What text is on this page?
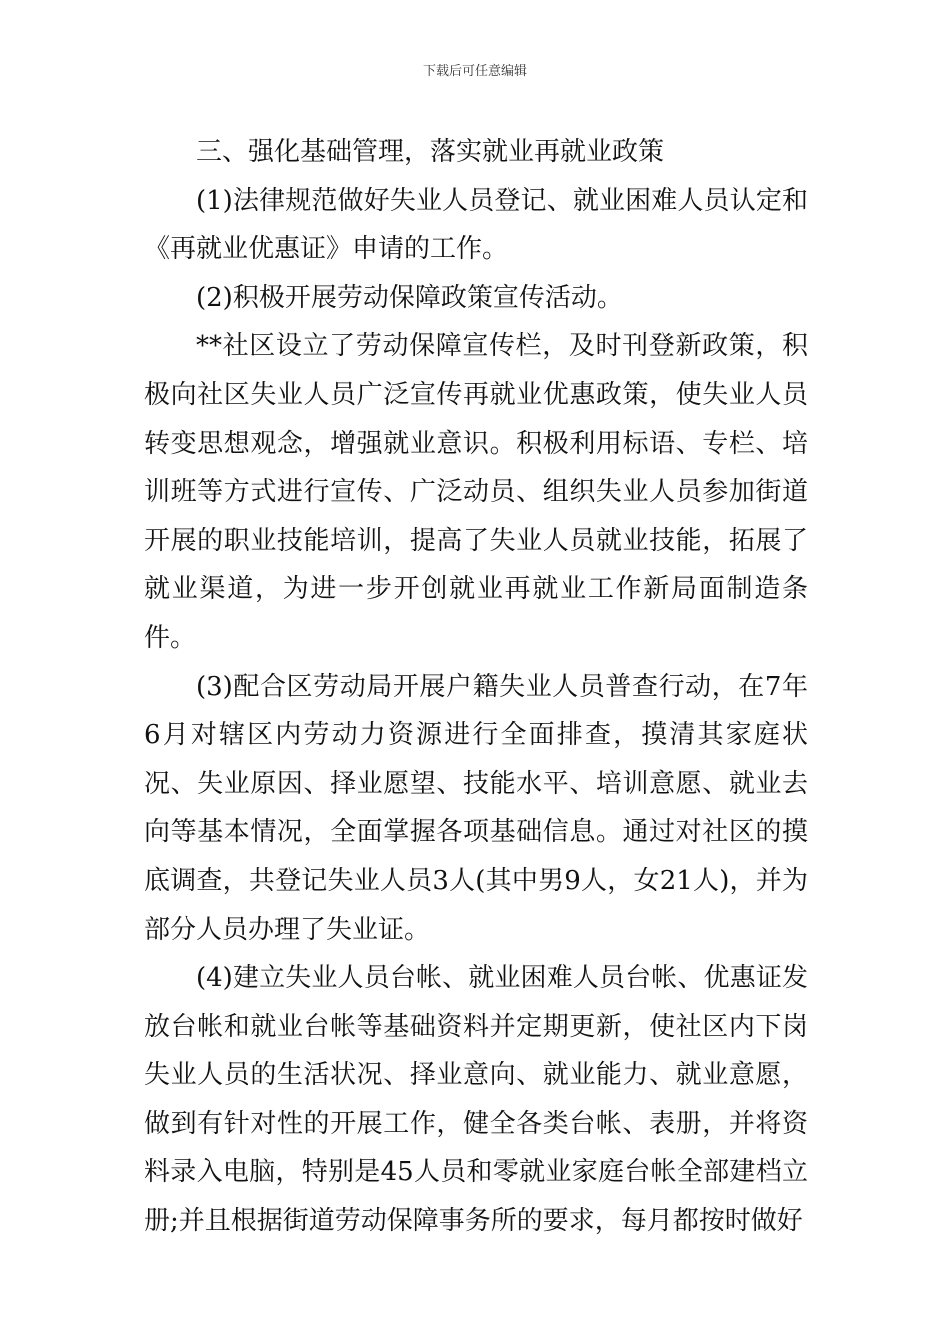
下载后可任意编辑

三、强化基础管理，落实就业再就业政策

(1)法律规范做好失业人员登记、就业困难人员认定和《再就业优惠证》申请的工作。

(2)积极开展劳动保障政策宣传活动。

**社区设立了劳动保障宣传栏，及时刊登新政策，积极向社区失业人员广泛宣传再就业优惠政策，使失业人员转变思想观念，增强就业意识。积极利用标语、专栏、培训班等方式进行宣传、广泛动员、组织失业人员参加街道开展的职业技能培训，提高了失业人员就业技能，拓展了就业渠道，为进一步开创就业再就业工作新局面制造条件。

(3)配合区劳动局开展户籍失业人员普查行动，在7年6月对辖区内劳动力资源进行全面排查，摸清其家庭状况、失业原因、择业愿望、技能水平、培训意愿、就业去向等基本情况，全面掌握各项基础信息。通过对社区的摸底调查，共登记失业人员3人(其中男9人，女21人)，并为部分人员办理了失业证。

(4)建立失业人员台帐、就业困难人员台帐、优惠证发放台帐和就业台帐等基础资料并定期更新，使社区内下岗失业人员的生活状况、择业意向、就业能力、就业意愿，做到有针对性的开展工作，健全各类台帐、表册，并将资料录入电脑，特别是45人员和零就业家庭台帐全部建档立册;并且根据街道劳动保障事务所的要求，每月都按时做好
